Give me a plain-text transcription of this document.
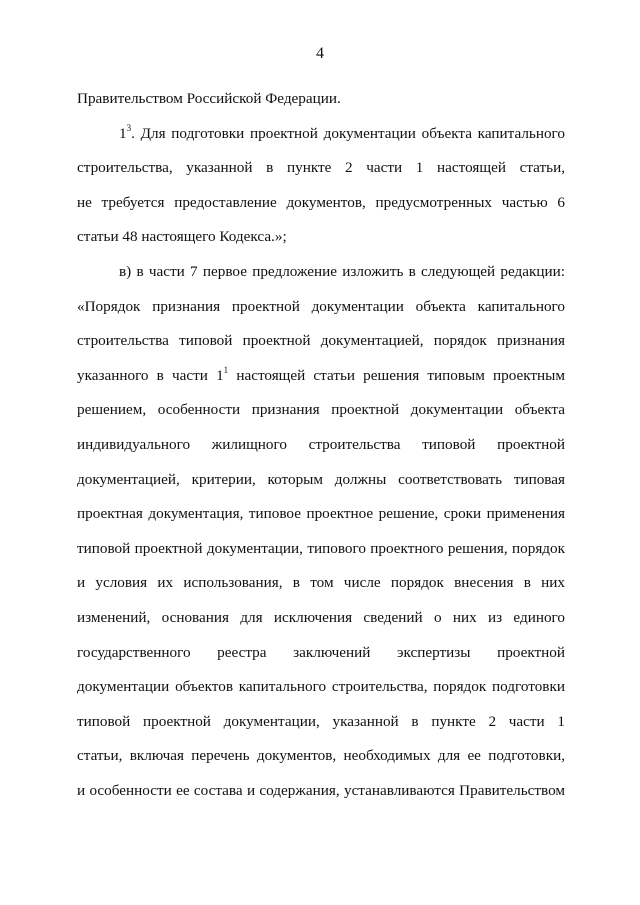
4
Правительством Российской Федерации.
$1^3$. Для подготовки проектной документации объекта капитального
строительства, указанной в пункте 2 части 1 настоящей статьи,
не требуется предоставление документов, предусмотренных частью 6
статьи 48 настоящего Кодекса.»;
в) в части 7 первое предложение изложить в следующей редакции:
«Порядок признания проектной документации объекта капитального
строительства типовой проектной документацией, порядок признания
указанного в части $1^1$ настоящей статьи решения типовым проектным
решением, особенности признания проектной документации объекта
индивидуального жилищного строительства типовой проектной
документацией, критерии, которым должны соответствовать типовая
проектная документация, типовое проектное решение, сроки применения
типовой проектной документации, типового проектного решения, порядок
и условия их использования, в том числе порядок внесения в них
изменений, основания для исключения сведений о них из единого
государственного реестра заключений экспертизы проектной
документации объектов капитального строительства, порядок подготовки
типовой проектной документации, указанной в пункте 2 части 1
статьи, включая перечень документов, необходимых для ее подготовки,
и особенности ее состава и содержания, устанавливаются Правительством
